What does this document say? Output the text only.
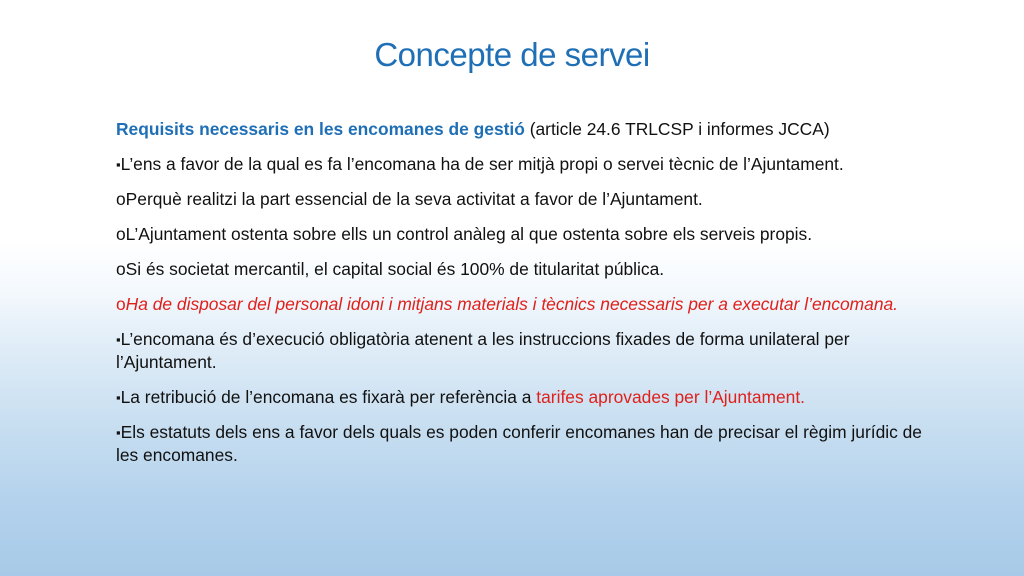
Concepte de servei

Requisits necessaris en les encomanes de gestió (article 24.6 TRLCSP i informes JCCA)

▪L’ens a favor de la qual es fa l’encomana ha de ser mitjà propi o servei tècnic de l’Ajuntament.

oPerquè realitzi la part essencial de la seva activitat a favor de l’Ajuntament.

oL’Ajuntament ostenta sobre ells un control anàleg al que ostenta sobre els serveis propis.

oSi és societat mercantil, el capital social és 100% de titularitat pública.

oHa de disposar del personal idoni i mitjans materials i tècnics necessaris per a executar l’encomana.

▪L’encomana és d’execució obligatòria atenent a les instruccions fixades de forma unilateral per l’Ajuntament.

▪La retribució de l’encomana es fixarà per referència a tarifes aprovades per l’Ajuntament.

▪Els estatuts dels ens a favor dels quals es poden conferir encomanes han de precisar el règim jurídic de les encomanes.
